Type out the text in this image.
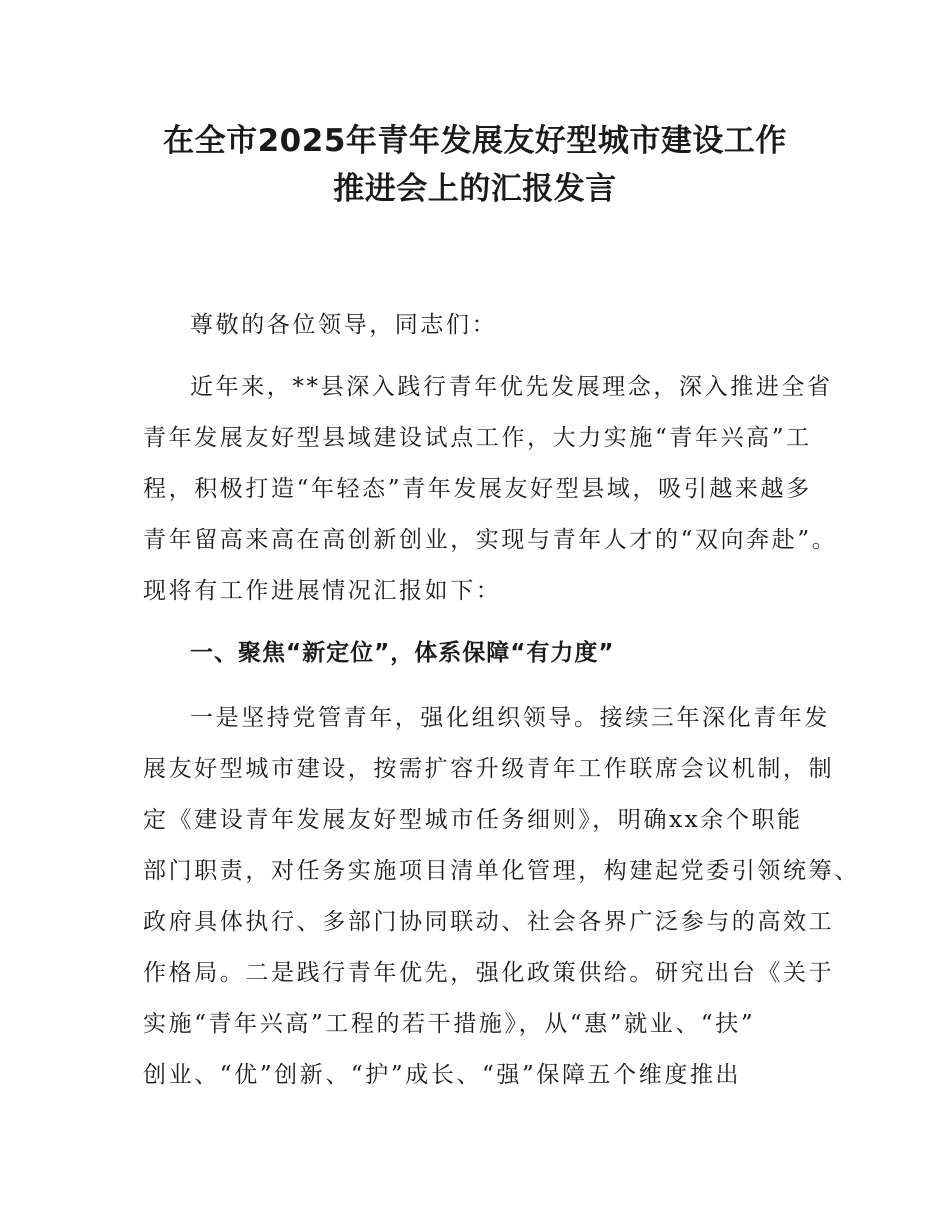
在全市2025年青年发展友好型城市建设工作
推进会上的汇报发言
尊敬的各位领导，同志们：
近年来，**县深入践行青年优先发展理念，深入推进全省
青年发展友好型县域建设试点工作，大力实施“青年兴高”工
程，积极打造“年轻态”青年发展友好型县域，吸引越来越多
青年留高来高在高创新创业，实现与青年人才的“双向奔赴”。
现将有工作进展情况汇报如下：
一、聚焦“新定位”，体系保障“有力度”
一是坚持党管青年，强化组织领导。接续三年深化青年发
展友好型城市建设，按需扩容升级青年工作联席会议机制，制
定《建设青年发展友好型城市任务细则》，明确xx余个职能
部门职责，对任务实施项目清单化管理，构建起党委引领统筹、
政府具体执行、多部门协同联动、社会各界广泛参与的高效工
作格局。二是践行青年优先，强化政策供给。研究出台《关于
实施“青年兴高”工程的若干措施》，从“惠”就业、“扶”
创业、“优”创新、“护”成长、“强”保障五个维度推出
